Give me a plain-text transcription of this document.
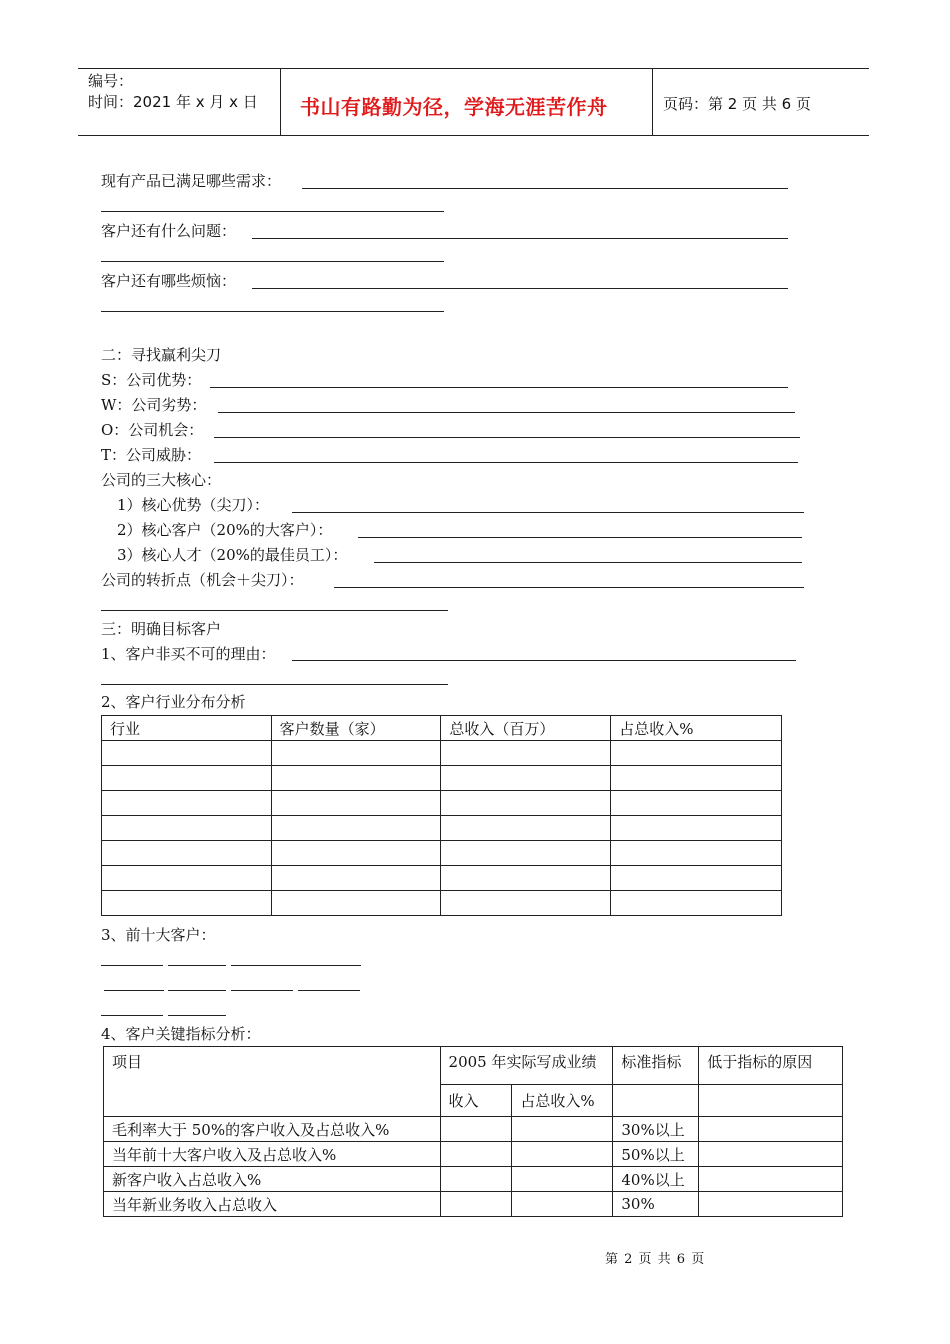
编号：
时间：2021 年 x 月 x 日 书山有路勤为径，学海无涯苦作舟	页码：第 2 页 共 6 页
现有产品已满足哪些需求：
客户还有什么问题：
客户还有哪些烦恼：
二：寻找赢利尖刀
S：公司优势：
W：公司劣势：
O：公司机会：
T：公司威胁：
公司的三大核心：
1）核心优势（尖刀）：
2）核心客户（20%的大客户）：
3）核心人才（20%的最佳员工）：
公司的转折点（机会＋尖刀）：
三：明确目标客户
1、客户非买不可的理由：
2、客户行业分布分析
行业	客户数量（家）	总收入（百万）	占总收入%

3、前十大客户：
4、客户关键指标分析：
项目	2005 年实际写成业绩		标准指标	低于指标的原因
	收入	占总收入%		
毛利率大于 50%的客户收入及占总收入%			30%以上	
当年前十大客户收入及占总收入%			50%以上	
新客户收入占总收入%			40%以上	
当年新业务收入占总收入			30%	
第 2 页 共 6 页
